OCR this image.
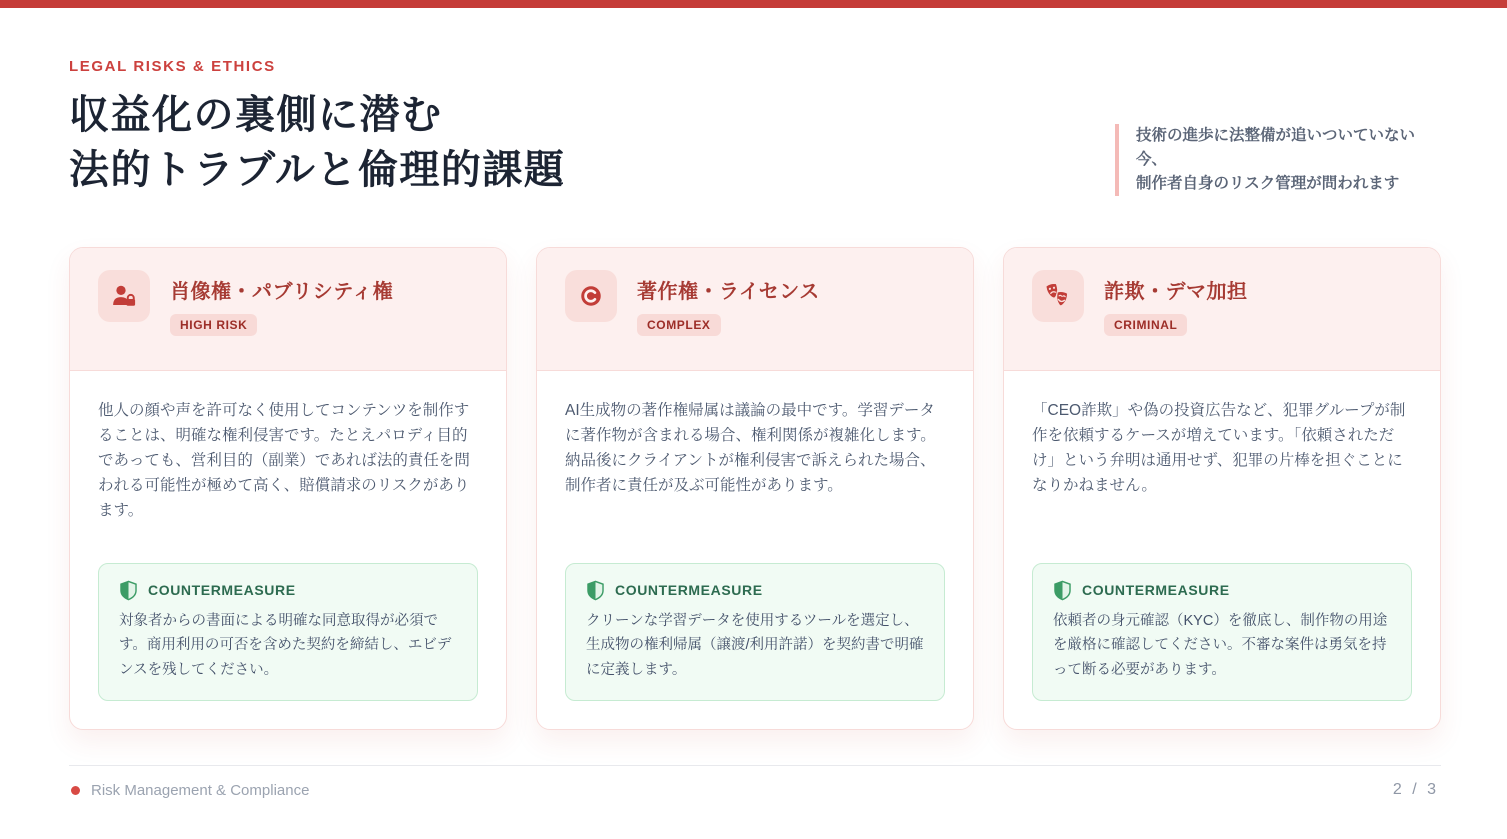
LEGAL RISKS & ETHICS
収益化の裏側に潜む
法的トラブルと倫理的課題
技術の進歩に法整備が追いついていない今、
制作者自身のリスク管理が問われます
肖像権・パブリシティ権
HIGH RISK

他人の顔や声を許可なく使用してコンテンツを制作することは、明確な権利侵害です。たとえパロディ目的であっても、営利目的（副業）であれば法的責任を問われる可能性が極めて高く、賠償請求のリスクがあります。

COUNTERMEASURE

対象者からの書面による明確な同意取得が必須です。商用利用の可否を含めた契約を締結し、エビデンスを残してください。

著作権・ライセンス
COMPLEX

AI生成物の著作権帰属は議論の最中です。学習データに著作物が含まれる場合、権利関係が複雑化します。納品後にクライアントが権利侵害で訴えられた場合、制作者に責任が及ぶ可能性があります。

COUNTERMEASURE

クリーンな学習データを使用するツールを選定し、生成物の権利帰属（譲渡/利用許諾）を契約書で明確に定義します。

詐欺・デマ加担
CRIMINAL

「CEO詐欺」や偽の投資広告など、犯罪グループが制作を依頼するケースが増えています。「依頼されただけ」という弁明は通用せず、犯罪の片棒を担ぐことになりかねません。

COUNTERMEASURE

依頼者の身元確認（KYC）を徹底し、制作物の用途を厳格に確認してください。不審な案件は勇気を持って断る必要があります。

Risk Management & Compliance	2 / 3
